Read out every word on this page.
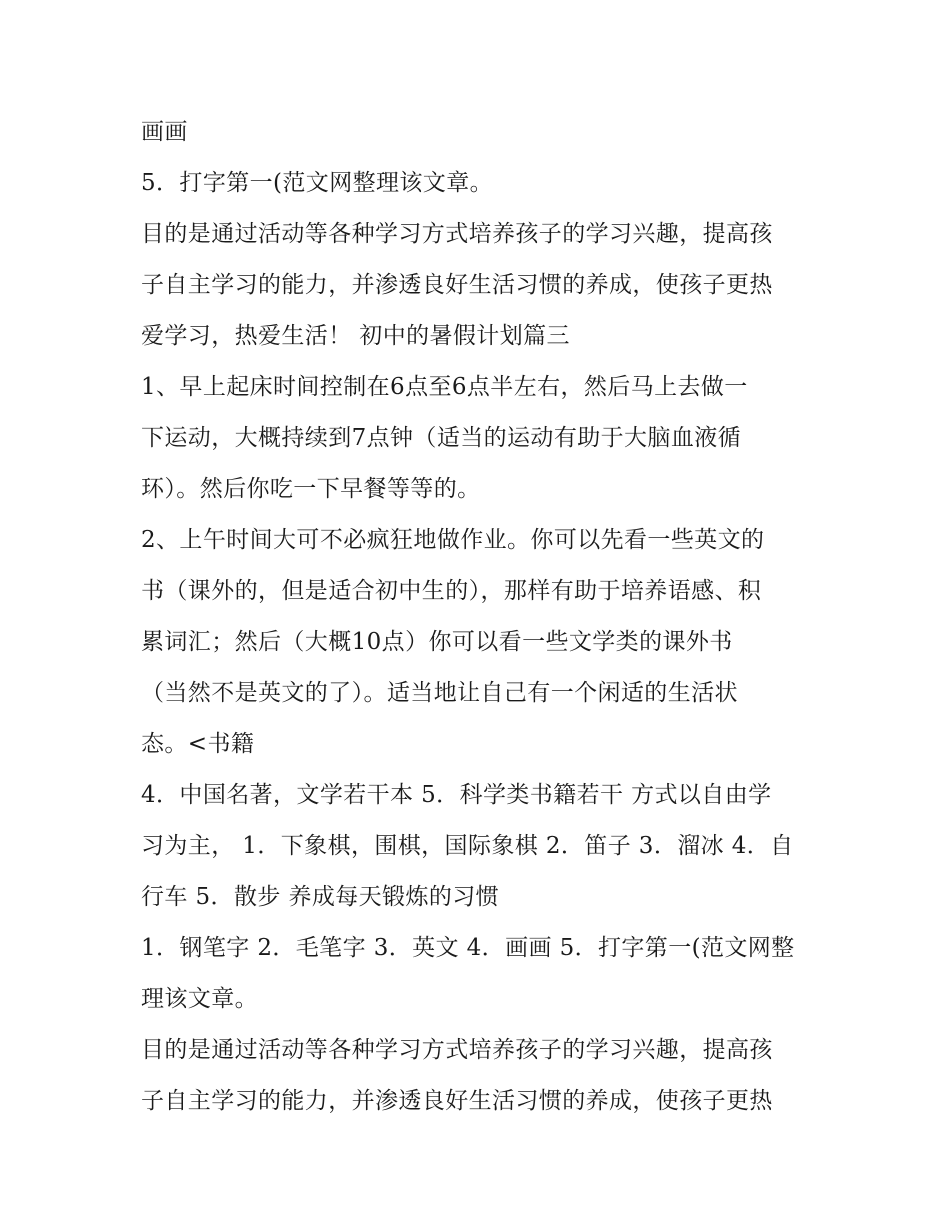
画画
5．打字第一(范文网整理该文章。
目的是通过活动等各种学习方式培养孩子的学习兴趣，提高孩
子自主学习的能力，并渗透良好生活习惯的养成，使孩子更热
爱学习，热爱生活！ 初中的暑假计划篇三
1、早上起床时间控制在6点至6点半左右，然后马上去做一
下运动，大概持续到7点钟（适当的运动有助于大脑血液循
环）。然后你吃一下早餐等等的。
2、上午时间大可不必疯狂地做作业。你可以先看一些英文的
书（课外的，但是适合初中生的），那样有助于培养语感、积
累词汇；然后（大概10点）你可以看一些文学类的课外书
（当然不是英文的了）。适当地让自己有一个闲适的生活状
态。<书籍
4．中国名著，文学若干本 5．科学类书籍若干 方式以自由学
习为主， 1．下象棋，围棋，国际象棋 2．笛子 3．溜冰 4．自
行车 5．散步 养成每天锻炼的习惯
1．钢笔字 2．毛笔字 3．英文 4．画画 5．打字第一(范文网整
理该文章。
目的是通过活动等各种学习方式培养孩子的学习兴趣，提高孩
子自主学习的能力，并渗透良好生活习惯的养成，使孩子更热
